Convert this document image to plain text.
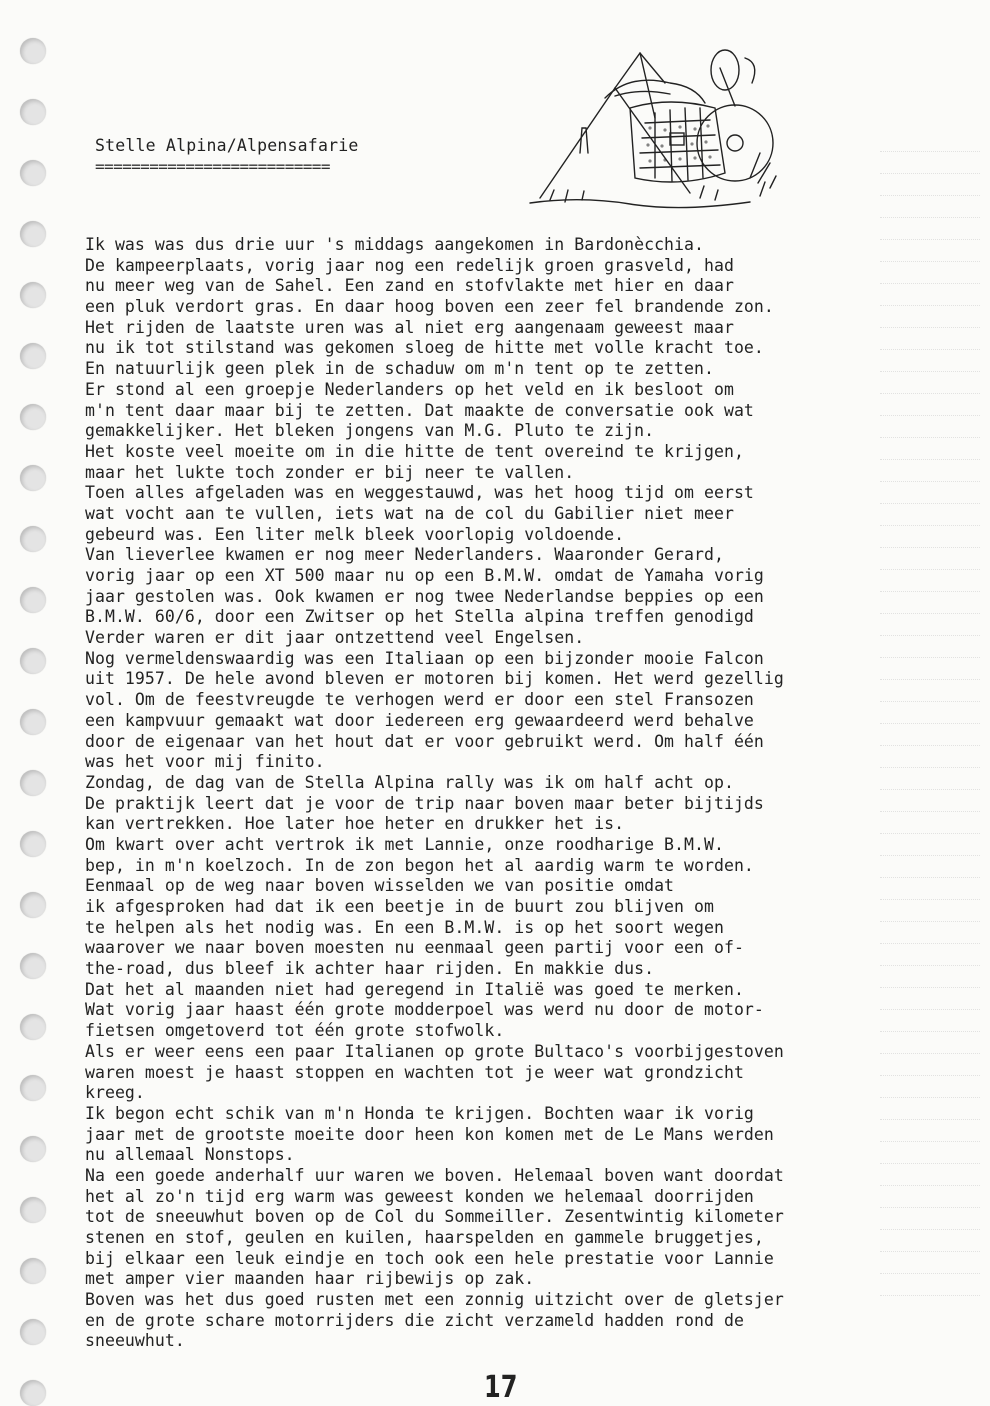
Stelle Alpina/Alpensafarie
==========================
Ik was was dus drie uur 's middags aangekomen in Bardonècchia.
De kampeerplaats, vorig jaar nog een redelijk groen grasveld, had
nu meer weg van de Sahel. Een zand en stofvlakte met hier en daar
een pluk verdort gras. En daar hoog boven een zeer fel brandende zon.
Het rijden de laatste uren was al niet erg aangenaam geweest maar
nu ik tot stilstand was gekomen sloeg de hitte met volle kracht toe.
En natuurlijk geen plek in de schaduw om m'n tent op te zetten.
Er stond al een groepje Nederlanders op het veld en ik besloot om
m'n tent daar maar bij te zetten. Dat maakte de conversatie ook wat
gemakkelijker. Het bleken jongens van M.G. Pluto te zijn.
Het koste veel moeite om in die hitte de tent overeind te krijgen,
maar het lukte toch zonder er bij neer te vallen.
Toen alles afgeladen was en weggestauwd, was het hoog tijd om eerst
wat vocht aan te vullen, iets wat na de col du Gabilier niet meer
gebeurd was. Een liter melk bleek voorlopig voldoende.
Van lieverlee kwamen er nog meer Nederlanders. Waaronder Gerard,
vorig jaar op een XT 500 maar nu op een B.M.W. omdat de Yamaha vorig
jaar gestolen was. Ook kwamen er nog twee Nederlandse beppies op een
B.M.W. 60/6, door een Zwitser op het Stella alpina treffen genodigd
Verder waren er dit jaar ontzettend veel Engelsen.
Nog vermeldenswaardig was een Italiaan op een bijzonder mooie Falcon
uit 1957. De hele avond bleven er motoren bij komen. Het werd gezellig
vol. Om de feestvreugde te verhogen werd er door een stel Fransozen
een kampvuur gemaakt wat door iedereen erg gewaardeerd werd behalve
door de eigenaar van het hout dat er voor gebruikt werd. Om half één
was het voor mij finito.
Zondag, de dag van de Stella Alpina rally was ik om half acht op.
De praktijk leert dat je voor de trip naar boven maar beter bijtijds
kan vertrekken. Hoe later hoe heter en drukker het is.
Om kwart over acht vertrok ik met Lannie, onze roodharige B.M.W.
bep, in m'n koelzoch. In de zon begon het al aardig warm te worden.
Eenmaal op de weg naar boven wisselden we van positie omdat
ik afgesproken had dat ik een beetje in de buurt zou blijven om
te helpen als het nodig was. En een B.M.W. is op het soort wegen
waarover we naar boven moesten nu eenmaal geen partij voor een of-
the-road, dus bleef ik achter haar rijden. En makkie dus.
Dat het al maanden niet had geregend in Italië was goed te merken.
Wat vorig jaar haast één grote modderpoel was werd nu door de motor-
fietsen omgetoverd tot één grote stofwolk.
Als er weer eens een paar Italianen op grote Bultaco's voorbijgestoven
waren moest je haast stoppen en wachten tot je weer wat grondzicht
kreeg.
Ik begon echt schik van m'n Honda te krijgen. Bochten waar ik vorig
jaar met de grootste moeite door heen kon komen met de Le Mans werden
nu allemaal Nonstops.
Na een goede anderhalf uur waren we boven. Helemaal boven want doordat
het al zo'n tijd erg warm was geweest konden we helemaal doorrijden
tot de sneeuwhut boven op de Col du Sommeiller. Zesentwintig kilometer
stenen en stof, geulen en kuilen, haarspelden en gammele bruggetjes,
bij elkaar een leuk eindje en toch ook een hele prestatie voor Lannie
met amper vier maanden haar rijbewijs op zak.
Boven was het dus goed rusten met een zonnig uitzicht over de gletsjer
en de grote schare motorrijders die zicht verzameld hadden rond de
sneeuwhut.
17
